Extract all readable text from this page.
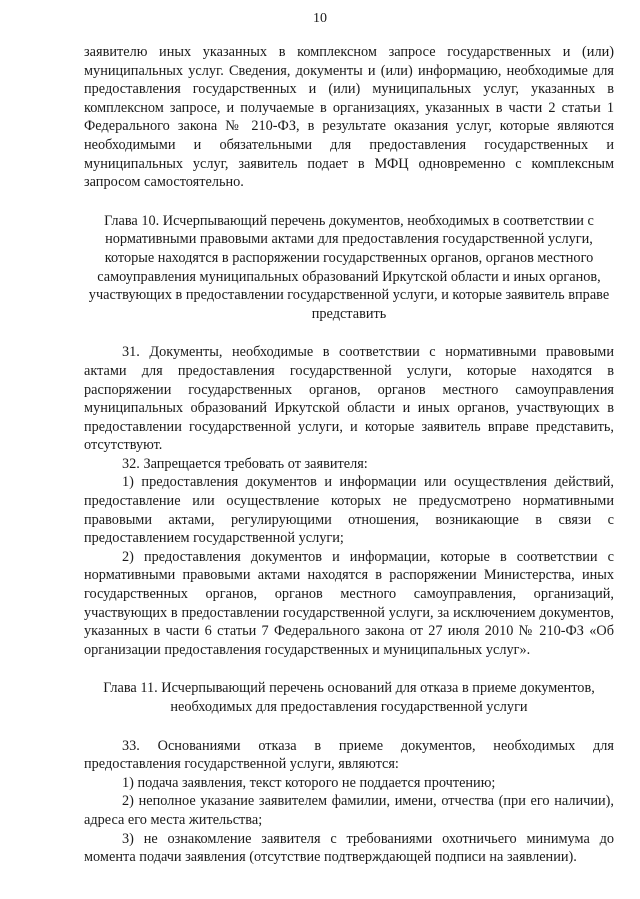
10

заявителю иных указанных в комплексном запросе государственных и (или) муниципальных услуг. Сведения, документы и (или) информацию, необходимые для предоставления государственных и (или) муниципальных услуг, указанных в комплексном запросе, и получаемые в организациях, указанных в части 2 статьи 1 Федерального закона № 210-ФЗ, в результате оказания услуг, которые являются необходимыми и обязательными для предоставления государственных и муниципальных услуг, заявитель подает в МФЦ одновременно с комплексным запросом самостоятельно.

Глава 10. Исчерпывающий перечень документов, необходимых в соответствии с нормативными правовыми актами для предоставления государственной услуги, которые находятся в распоряжении государственных органов, органов местного самоуправления муниципальных образований Иркутской области и иных органов, участвующих в предоставлении государственной услуги, и которые заявитель вправе представить

31. Документы, необходимые в соответствии с нормативными правовыми актами для предоставления государственной услуги, которые находятся в распоряжении государственных органов, органов местного самоуправления муниципальных образований Иркутской области и иных органов, участвующих в предоставлении государственной услуги, и которые заявитель вправе представить, отсутствуют.

32. Запрещается требовать от заявителя:

1) предоставления документов и информации или осуществления действий, предоставление или осуществление которых не предусмотрено нормативными правовыми актами, регулирующими отношения, возникающие в связи с предоставлением государственной услуги;

2) предоставления документов и информации, которые в соответствии с нормативными правовыми актами находятся в распоряжении Министерства, иных государственных органов, органов местного самоуправления, организаций, участвующих в предоставлении государственной услуги, за исключением документов, указанных в части 6 статьи 7 Федерального закона от 27 июля 2010 № 210-ФЗ «Об организации предоставления государственных и муниципальных услуг».

Глава 11. Исчерпывающий перечень оснований для отказа в приеме документов, необходимых для предоставления государственной услуги

33. Основаниями отказа в приеме документов, необходимых для предоставления государственной услуги, являются:

1) подача заявления, текст которого не поддается прочтению;

2) неполное указание заявителем фамилии, имени, отчества (при его наличии), адреса его места жительства;

3) не ознакомление заявителя с требованиями охотничьего минимума до момента подачи заявления (отсутствие подтверждающей подписи на заявлении).
